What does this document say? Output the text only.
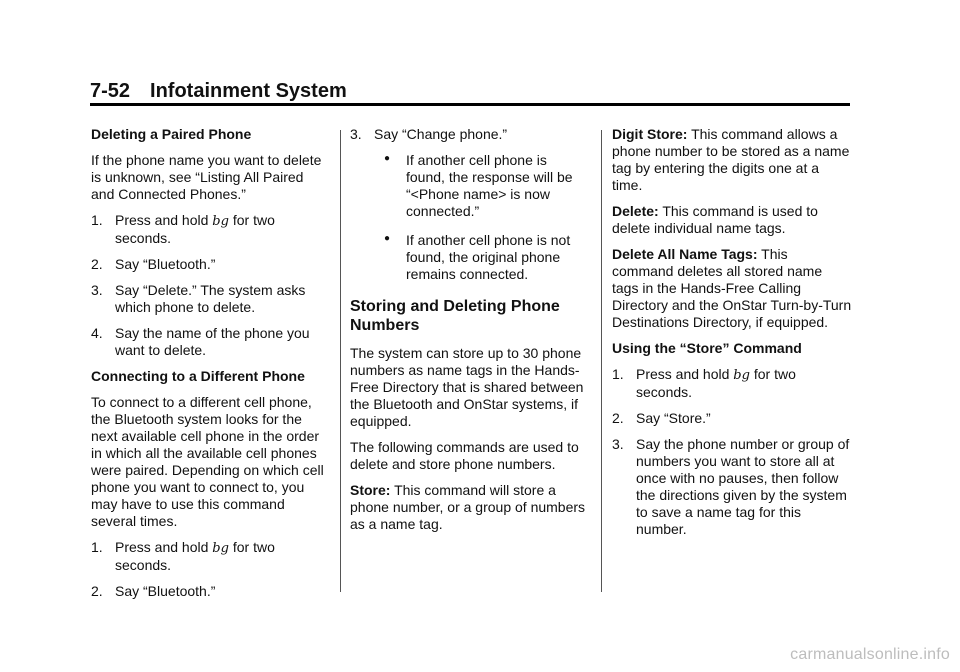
7-52 Infotainment System

Deleting a Paired Phone

If the phone name you want to delete is unknown, see “Listing All Paired and Connected Phones.”

1. Press and hold bg for two seconds.
2. Say “Bluetooth.”
3. Say “Delete.” The system asks which phone to delete.
4. Say the name of the phone you want to delete.

Connecting to a Different Phone

To connect to a different cell phone, the Bluetooth system looks for the next available cell phone in the order in which all the available cell phones were paired. Depending on which cell phone you want to connect to, you may have to use this command several times.

1. Press and hold bg for two seconds.
2. Say “Bluetooth.”
3. Say “Change phone.”
●	If another cell phone is found, the response will be “<Phone name> is now connected.”
●	If another cell phone is not found, the original phone remains connected.
Storing and Deleting Phone Numbers

The system can store up to 30 phone numbers as name tags in the Hands-Free Directory that is shared between the Bluetooth and OnStar systems, if equipped.

The following commands are used to delete and store phone numbers.

Store: This command will store a phone number, or a group of numbers as a name tag.

Digit Store: This command allows a phone number to be stored as a name tag by entering the digits one at a time.

Delete: This command is used to delete individual name tags.

Delete All Name Tags: This command deletes all stored name tags in the Hands-Free Calling Directory and the OnStar Turn-by-Turn Destinations Directory, if equipped.

Using the “Store” Command

1. Press and hold bg for two seconds.
2. Say “Store.”
3. Say the phone number or group of numbers you want to store all at once with no pauses, then follow the directions given by the system to save a name tag for this number.
carmanualsonline.info
